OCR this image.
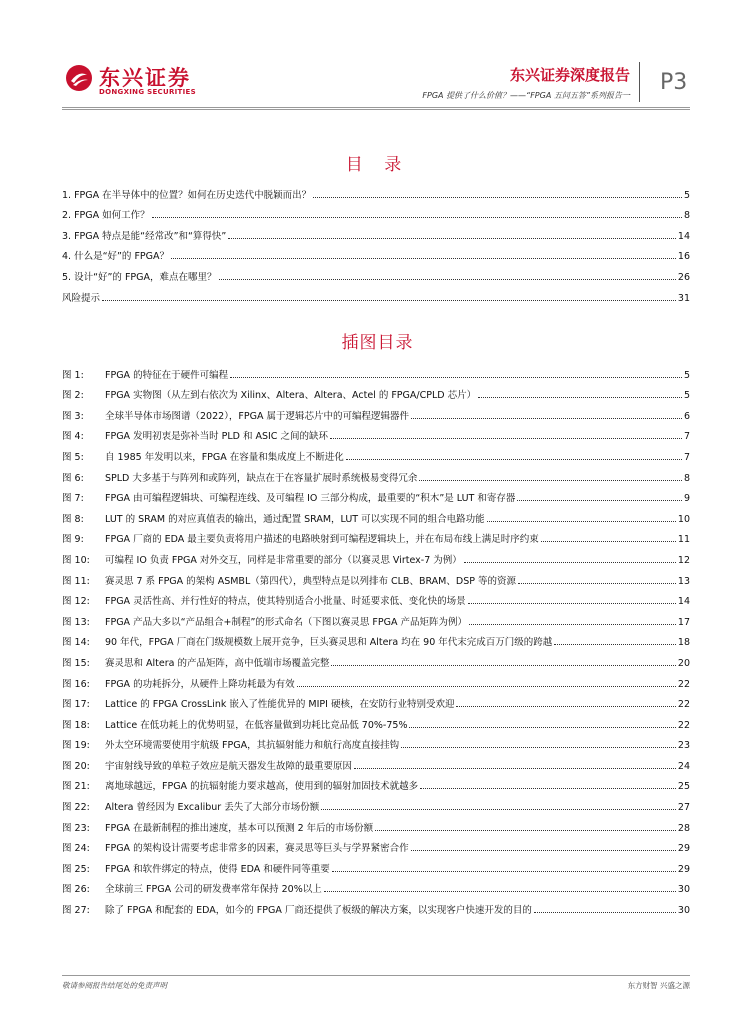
东兴证券
DONGXING SECURITIES
东兴证券深度报告
FPGA 提供了什么价值？——“FPGA 五问五答”系列报告一
P3
目 录
1. FPGA 在半导体中的位置？如何在历史迭代中脱颖而出？	5
2. FPGA 如何工作？	8
3. FPGA 特点是能“经常改”和“算得快”	14
4. 什么是“好”的 FPGA？	16
5. 设计“好”的 FPGA，难点在哪里？	26
风险提示	31
插图目录
图 1:	FPGA 的特征在于硬件可编程	5
图 2:	FPGA 实物图（从左到右依次为 Xilinx、Altera、Altera、Actel 的 FPGA/CPLD 芯片）	5
图 3:	全球半导体市场图谱（2022），FPGA 属于逻辑芯片中的可编程逻辑器件	6
图 4:	FPGA 发明初衷是弥补当时 PLD 和 ASIC 之间的缺环	7
图 5:	自 1985 年发明以来，FPGA 在容量和集成度上不断进化	7
图 6:	SPLD 大多基于与阵列和或阵列，缺点在于在容量扩展时系统极易变得冗余	8
图 7:	FPGA 由可编程逻辑块、可编程连线、及可编程 IO 三部分构成，最重要的“积木”是 LUT 和寄存器	9
图 8:	LUT 的 SRAM 的对应真值表的输出，通过配置 SRAM，LUT 可以实现不同的组合电路功能	10
图 9:	FPGA 厂商的 EDA 最主要负责将用户描述的电路映射到可编程逻辑块上，并在布局布线上满足时序约束	11
图 10:	可编程 IO 负责 FPGA 对外交互，同样是非常重要的部分（以赛灵思 Virtex-7 为例）	12
图 11:	赛灵思 7 系 FPGA 的架构 ASMBL（第四代），典型特点是以列排布 CLB、BRAM、DSP 等的资源	13
图 12:	FPGA 灵活性高、并行性好的特点，使其特别适合小批量、时延要求低、变化快的场景	14
图 13:	FPGA 产品大多以“产品组合+制程”的形式命名（下图以赛灵思 FPGA 产品矩阵为例）	17
图 14:	90 年代，FPGA 厂商在门级规模数上展开竞争，巨头赛灵思和 Altera 均在 90 年代末完成百万门级的跨越	18
图 15:	赛灵思和 Altera 的产品矩阵，高中低端市场覆盖完整	20
图 16:	FPGA 的功耗拆分，从硬件上降功耗最为有效	22
图 17:	Lattice 的 FPGA CrossLink 嵌入了性能优异的 MIPI 硬核，在安防行业特别受欢迎	22
图 18:	Lattice 在低功耗上的优势明显，在低容量做到功耗比竞品低 70%-75%	22
图 19:	外太空环境需要使用宇航级 FPGA，其抗辐射能力和航行高度直接挂钩	23
图 20:	宇宙射线导致的单粒子效应是航天器发生故障的最重要原因	24
图 21:	离地球越远，FPGA 的抗辐射能力要求越高，使用到的辐射加固技术就越多	25
图 22:	Altera 曾经因为 Excalibur 丢失了大部分市场份额	27
图 23:	FPGA 在最新制程的推出速度，基本可以预测 2 年后的市场份额	28
图 24:	FPGA 的架构设计需要考虑非常多的因素，赛灵思等巨头与学界紧密合作	29
图 25:	FPGA 和软件绑定的特点，使得 EDA 和硬件同等重要	29
图 26:	全球前三 FPGA 公司的研发费率常年保持 20%以上	30
图 27:	除了 FPGA 和配套的 EDA，如今的 FPGA 厂商还提供了板级的解决方案，以实现客户快速开发的目的	30
敬请参阅报告结尾处的免责声明	东方财智 兴盛之源
